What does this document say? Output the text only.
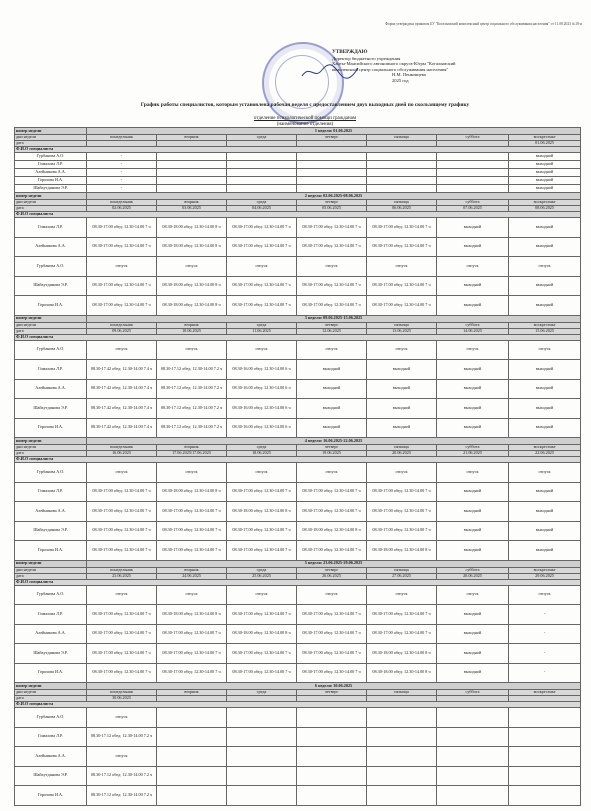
Форма утверждена приказом БУ "Когалымский комплексный центр социального обслуживания населения" от 11.08.2023 №18-н
УТВЕРЖДАЮ
Директор бюджетного учреждения
Ханты-Мансийского автономного округа-Югры "Когалымский
комплексный центр социального обслуживания населения"
Н.М. Пенковцева
2025 год
График работы специалистов, которым установлена рабочая неделя с предоставлением двух выходных дней по скользящему графику
отделение психологической помощи гражданам
(наименование отделения)
номер недели	1 неделя: 01.06.2025						
дни недели	понедельник	вторник	среда	четверг	пятница	суббота	воскресенье
дата							01.06.2025
Ф.И.О специалиста							
Гурбанова А.О.	-						выходной
Гималова Л.Р.	-						выходной
Алейникова А.А.	-						выходной
Горохова И.А.	-						выходной
Шайхутдинова Э.Р.	-						выходной
номер недели	2 неделя: 02.06.2025-08.06.2025						
дни недели	понедельник	вторник	среда	четверг	пятница	суббота	воскресенье
дата	02.06.2025	03.06.2025	04.06.2025	05.06.2025	06.06.2025	07.06.2025	08.06.2025
Ф.И.О специалиста							
Гималова Л.Р.	08.30-17.00 обед: 12.30-14.00 7 ч	08.30-18.00 обед: 12.30-14.00 8 ч	08.30-17.00 обед: 12.30-14.00 7 ч	08.30-17.00 обед: 12.30-14.00 7 ч	08.30-17.00 обед: 12.30-14.00 7 ч	выходной	выходной
Алейникова А.А.	08.30-17.00 обед: 12.30-14.00 7 ч	08.30-18.00 обед: 12.30-14.00 8 ч	08.30-17.00 обед: 12.30-14.00 7 ч	08.30-17.00 обед: 12.30-14.00 7 ч	08.30-17.00 обед: 12.30-14.00 7 ч	выходной	выходной
Гурбанова А.О.	отпуск	отпуск	отпуск	отпуск	отпуск	отпуск	отпуск
Шайхутдинова Э.Р.	08.30-17.00 обед: 12.30-14.00 7 ч	08.30-18.00 обед: 12.30-14.00 8 ч	08.30-17.00 обед: 12.30-14.00 7 ч	08.30-17.00 обед: 12.30-14.00 7 ч	08.30-17.00 обед: 12.30-14.00 7 ч	выходной	выходной
Горохова И.А.	08.30-17.00 обед: 12.30-14.00 7 ч	08.30-18.00 обед: 12.30-14.00 8 ч	08.30-17.00 обед: 12.30-14.00 7 ч	08.30-17.00 обед: 12.30-14.00 7 ч	08.30-17.00 обед: 12.30-14.00 7 ч	выходной	выходной
номер недели	3 неделя: 09.06.2025-15.06.2025						
дни недели	понедельник	вторник	среда	четверг	пятница	суббота	воскресенье
дата	09.06.2025	10.06.2025	11.06.2025	12.06.2025	13.06.2025	14.06.2025	15.06.2025
Ф.И.О специалиста							
Гурбанова А.О.	отпуск	отпуск	отпуск	отпуск	отпуск	отпуск	отпуск
Гималова Л.Р.	08.30-17.42 обед: 12.30-14.00 7.4 ч	08.30-17.12 обед: 12.30-14.00 7.2 ч	08.30-16.00 обед: 12.30-14.00 6 ч	выходной	выходной	выходной	выходной
Алейникова А.А.	08.30-17.42 обед: 12.30-14.00 7.4 ч	08.30-17.12 обед: 12.30-14.00 7.2 ч	08.30-16.00 обед: 12.30-14.00 6 ч	выходной	выходной	выходной	выходной
Шайхутдинова Э.Р.	08.30-17.42 обед: 12.30-14.00 7.4 ч	08.30-17.12 обед: 12.30-14.00 7.2 ч	08.30-16.00 обед: 12.30-14.00 6 ч	выходной	выходной	выходной	выходной
Горохова И.А.	08.30-17.42 обед: 12.30-14.00 7.4 ч	08.30-17.12 обед: 12.30-14.00 7.2 ч	08.30-16.00 обед: 12.30-14.00 6 ч	выходной	выходной	выходной	выходной
номер недели	4 неделя: 16.06.2025-22.06.2025						
дни недели	понедельник	вторник	среда	четверг	пятница	суббота	воскресенье
дата	16.06.2025	17.06.2025/17.06.2025	18.06.2025	19.06.2025	20.06.2025	21.06.2025	22.06.2025
Ф.И.О специалиста							
Гурбанова А.О.	отпуск	отпуск	отпуск	отпуск	отпуск	отпуск	отпуск
Гималова Л.Р.	08.30-17.00 обед: 12.30-14.00 7 ч	08.30-18.00 обед: 12.30-14.00 8 ч	08.30-17.00 обед: 12.30-14.00 7 ч	08.30-17.00 обед: 12.30-14.00 7 ч	08.30-17.00 обед: 12.30-14.00 7 ч	выходной	выходной
Алейникова А.А.	08.30-17.00 обед: 12.30-14.00 7 ч	08.30-17.00 обед: 12.30-14.00 7 ч	08.30-18.00 обед: 12.30-14.00 8 ч	08.30-17.00 обед: 12.30-14.00 7 ч	08.30-17.00 обед: 12.30-14.00 7 ч	выходной	выходной
Шайхутдинова Э.Р.	08.30-17.00 обед: 12.30-14.00 7 ч	08.30-17.00 обед: 12.30-14.00 7 ч	08.30-17.00 обед: 12.30-14.00 7 ч	08.30-18.00 обед: 12.30-14.00 8 ч	08.30-17.00 обед: 12.30-14.00 7 ч	выходной	выходной
Горохова И.А.	08.30-17.00 обед: 12.30-14.00 7 ч	08.30-17.00 обед: 12.30-14.00 7 ч	08.30-17.00 обед: 12.30-14.00 7 ч	08.30-17.00 обед: 12.30-14.00 7 ч	08.30-18.00 обед: 12.30-14.00 8 ч	выходной	выходной
номер недели	5 неделя: 23.06.2025-29.06.2025						
дни недели	понедельник	вторник	среда	четверг	пятница	суббота	воскресенье
дата	23.06.2025	24.06.2025	25.06.2025	26.06.2025	27.06.2025	28.06.2025	29.06.2025
Ф.И.О специалиста							
Гурбанова А.О.	отпуск	отпуск	отпуск	отпуск	отпуск	отпуск	отпуск
Гималова Л.Р.	08.30-17.00 обед: 12.30-14.00 7 ч	08.30-18.00 обед: 12.30-14.00 8 ч	08.30-17.00 обед: 12.30-14.00 7 ч	08.30-17.00 обед: 12.30-14.00 7 ч	08.30-17.00 обед: 12.30-14.00 7 ч	выходной	-
Алейникова А.А.	08.30-17.00 обед: 12.30-14.00 7 ч	08.30-17.00 обед: 12.30-14.00 7 ч	08.30-18.00 обед: 12.30-14.00 8 ч	08.30-17.00 обед: 12.30-14.00 7 ч	08.30-17.00 обед: 12.30-14.00 7 ч	выходной	-
Шайхутдинова Э.Р.	08.30-17.00 обед: 12.30-14.00 7 ч	08.30-17.00 обед: 12.30-14.00 7 ч	08.30-17.00 обед: 12.30-14.00 7 ч	08.30-17.00 обед: 12.30-14.00 7 ч	08.30-18.00 обед: 12.30-14.00 8 ч	выходной	-
Горохова И.А.	08.30-17.00 обед: 12.30-14.00 7 ч	08.30-17.00 обед: 12.30-14.00 7 ч	08.30-17.00 обед: 12.30-14.00 7 ч	08.30-17.00 обед: 12.30-14.00 7 ч	08.30-18.00 обед: 12.30-14.00 8 ч	выходной	-
номер недели	6 неделя: 30.06.2025						
дни недели	понедельник	вторник	среда	четверг	пятница	суббота	воскресенье
дата	30.06.2025						
Ф.И.О специалиста							
Гурбанова А.О.	отпуск						
Гималова Л.Р.	08.30-17.12 обед: 12.30-14.00 7.2 ч						
Алейникова А.А.	отпуск						
Шайхутдинова Э.Р.	08.30-17.12 обед: 12.30-14.00 7.2 ч						
Горохова И.А.	08.30-17.12 обед: 12.30-14.00 7.2 ч						
